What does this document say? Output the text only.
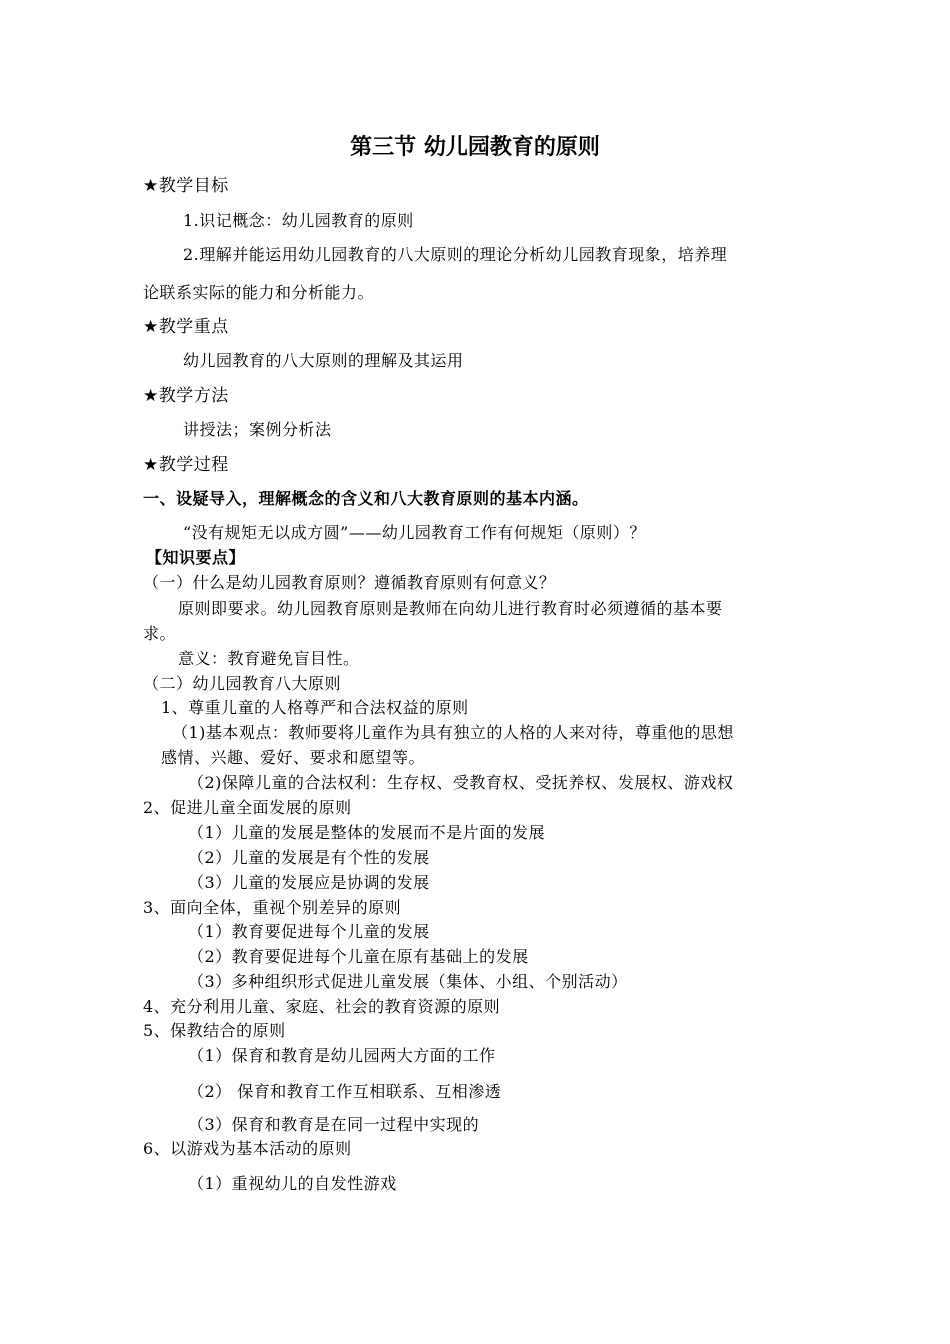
第三节 幼儿园教育的原则
★教学目标
1.识记概念：幼儿园教育的原则
2.理解并能运用幼儿园教育的八大原则的理论分析幼儿园教育现象，培养理
论联系实际的能力和分析能力。
★教学重点
幼儿园教育的八大原则的理解及其运用
★教学方法
讲授法；案例分析法
★教学过程
一、设疑导入，理解概念的含义和八大教育原则的基本内涵。
“没有规矩无以成方圆”——幼儿园教育工作有何规矩（原则）？
【知识要点】
（一）什么是幼儿园教育原则？遵循教育原则有何意义？
原则即要求。幼儿园教育原则是教师在向幼儿进行教育时必须遵循的基本要
求。
意义：教育避免盲目性。
（二）幼儿园教育八大原则
1、尊重儿童的人格尊严和合法权益的原则
（1)基本观点：教师要将儿童作为具有独立的人格的人来对待，尊重他的思想
感情、兴趣、爱好、要求和愿望等。
（2)保障儿童的合法权利：生存权、受教育权、受抚养权、发展权、游戏权
2、促进儿童全面发展的原则
（1）儿童的发展是整体的发展而不是片面的发展
（2）儿童的发展是有个性的发展
（3）儿童的发展应是协调的发展
3、面向全体，重视个别差异的原则
（1）教育要促进每个儿童的发展
（2）教育要促进每个儿童在原有基础上的发展
（3）多种组织形式促进儿童发展（集体、小组、个别活动）
4、充分利用儿童、家庭、社会的教育资源的原则
5、保教结合的原则
（1）保育和教育是幼儿园两大方面的工作
（2） 保育和教育工作互相联系、互相渗透
（3）保育和教育是在同一过程中实现的
6、以游戏为基本活动的原则
（1）重视幼儿的自发性游戏
